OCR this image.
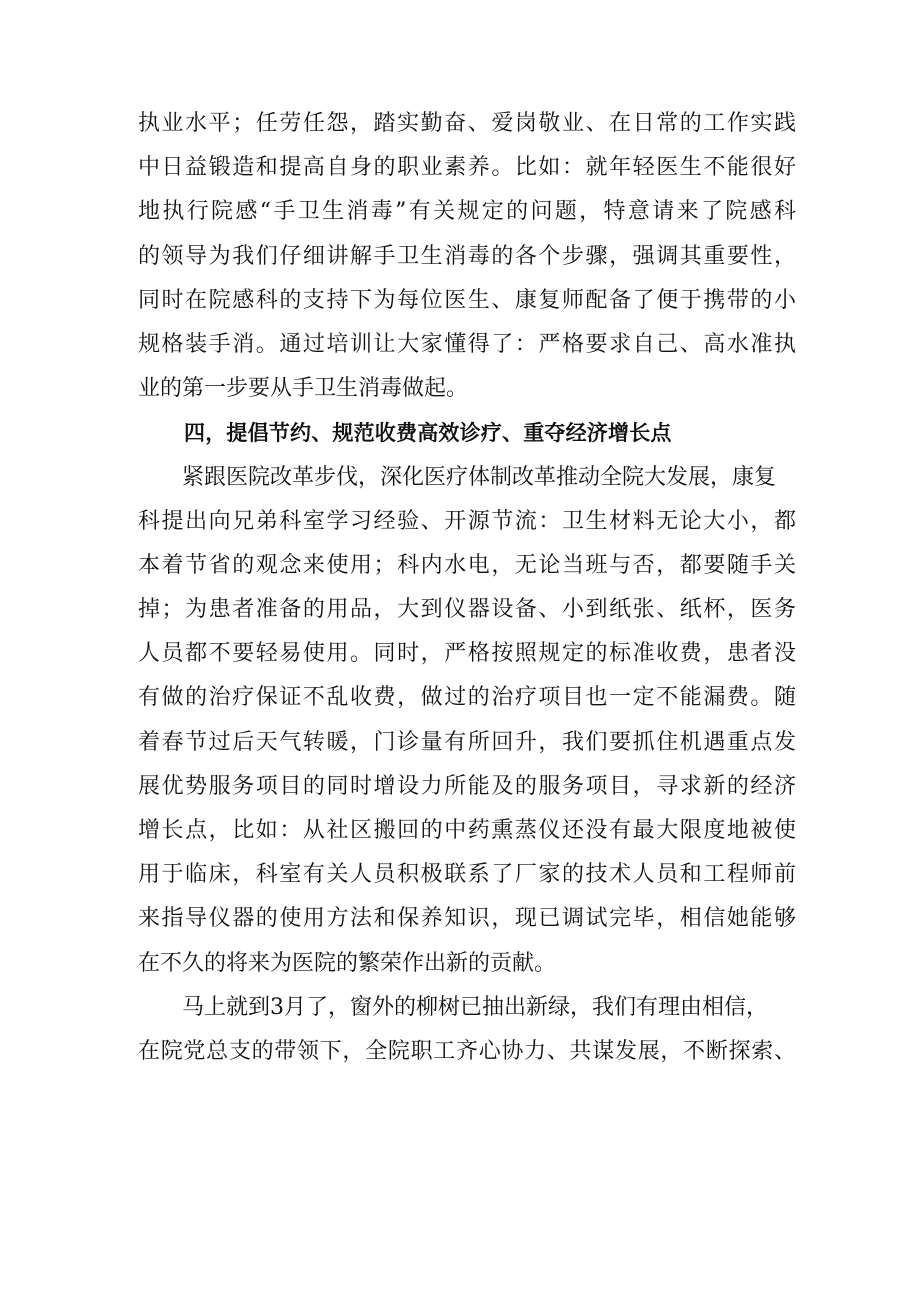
执业水平；任劳任怨，踏实勤奋、爱岗敬业、在日常的工作实践
中日益锻造和提高自身的职业素养。比如：就年轻医生不能很好
地执行院感“手卫生消毒”有关规定的问题，特意请来了院感科
的领导为我们仔细讲解手卫生消毒的各个步骤，强调其重要性，
同时在院感科的支持下为每位医生、康复师配备了便于携带的小
规格装手消。通过培训让大家懂得了：严格要求自己、高水准执
业的第一步要从手卫生消毒做起。
四，提倡节约、规范收费高效诊疗、重夺经济增长点
紧跟医院改革步伐，深化医疗体制改革推动全院大发展，康复
科提出向兄弟科室学习经验、开源节流：卫生材料无论大小，都
本着节省的观念来使用；科内水电，无论当班与否，都要随手关
掉；为患者准备的用品，大到仪器设备、小到纸张、纸杯，医务
人员都不要轻易使用。同时，严格按照规定的标准收费，患者没
有做的治疗保证不乱收费，做过的治疗项目也一定不能漏费。随
着春节过后天气转暖，门诊量有所回升，我们要抓住机遇重点发
展优势服务项目的同时增设力所能及的服务项目，寻求新的经济
增长点，比如：从社区搬回的中药熏蒸仪还没有最大限度地被使
用于临床，科室有关人员积极联系了厂家的技术人员和工程师前
来指导仪器的使用方法和保养知识，现已调试完毕，相信她能够
在不久的将来为医院的繁荣作出新的贡献。
马上就到3月了，窗外的柳树已抽出新绿，我们有理由相信，
在院党总支的带领下，全院职工齐心协力、共谋发展，不断探索、
